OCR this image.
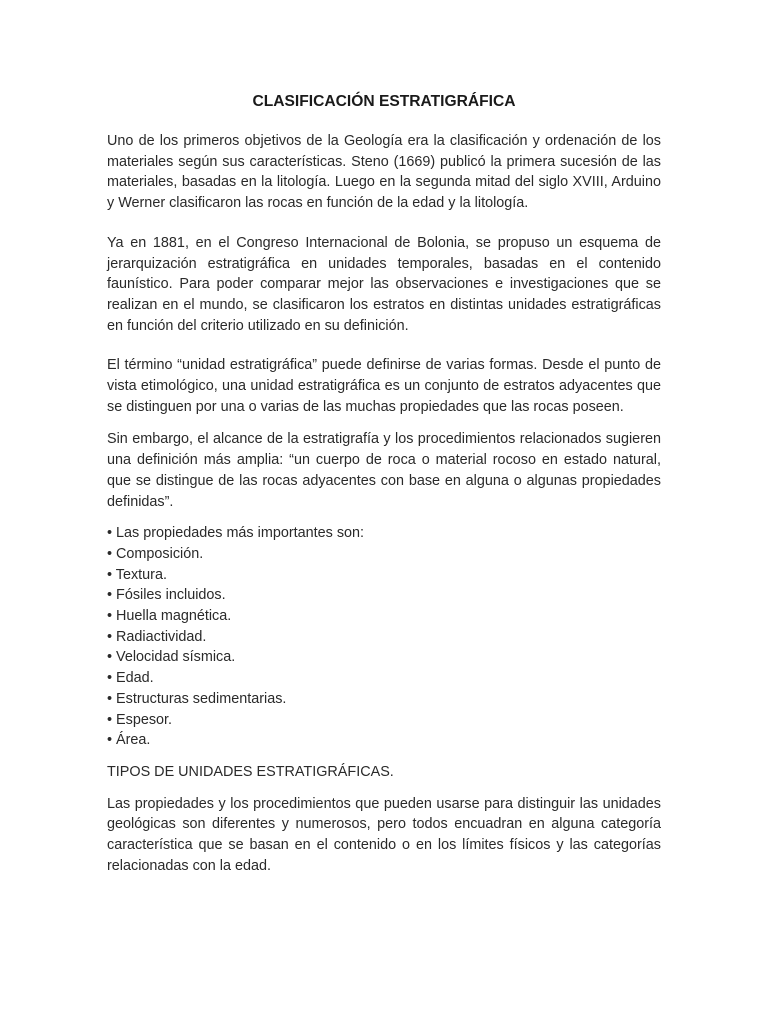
CLASIFICACIÓN ESTRATIGRÁFICA

Uno de los primeros objetivos de la Geología era la clasificación y ordenación de los materiales según sus características. Steno (1669) publicó la primera sucesión de las materiales, basadas en la litología. Luego en la segunda mitad del siglo XVIII, Arduino y Werner clasificaron las rocas en función de la edad y la litología.

Ya en 1881, en el Congreso Internacional de Bolonia, se propuso un esquema de jerarquización estratigráfica en unidades temporales, basadas en el contenido faunístico. Para poder comparar mejor las observaciones e investigaciones que se realizan en el mundo, se clasificaron los estratos en distintas unidades estratigráficas en función del criterio utilizado en su definición.

El término “unidad estratigráfica” puede definirse de varias formas. Desde el punto de vista etimológico, una unidad estratigráfica es un conjunto de estratos adyacentes que se distinguen por una o varias de las muchas propiedades que las rocas poseen.

Sin embargo, el alcance de la estratigrafía y los procedimientos relacionados sugieren una definición más amplia: “un cuerpo de roca o material rocoso en estado natural, que se distingue de las rocas adyacentes con base en alguna o algunas propiedades definidas”.

• Las propiedades más importantes son:
• Composición.
• Textura.
• Fósiles incluidos.
• Huella magnética.
• Radiactividad.
• Velocidad sísmica.
• Edad.
• Estructuras sedimentarias.
• Espesor.
• Área.

TIPOS DE UNIDADES ESTRATIGRÁFICAS.

Las propiedades y los procedimientos que pueden usarse para distinguir las unidades geológicas son diferentes y numerosos, pero todos encuadran en alguna categoría característica que se basan en el contenido o en los límites físicos y las categorías relacionadas con la edad.
